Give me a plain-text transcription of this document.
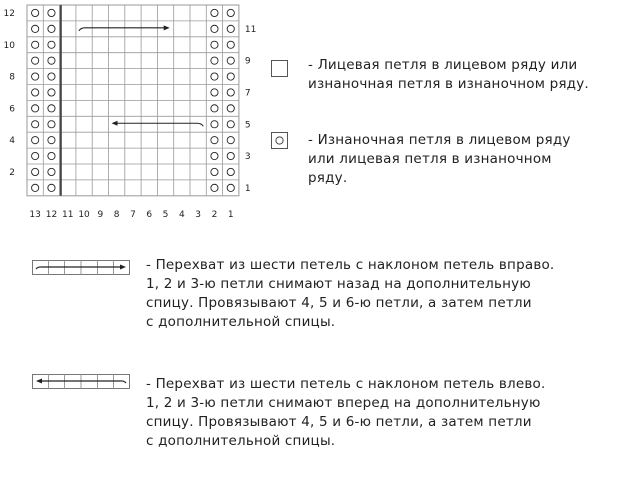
13 12 11 10 9 8 7 6 5 4 3 2 1
12
10
8
6
4
2
11
9
7
5
3
1
- Лицевая петля в лицевом ряду или
изнаночная петля в изнаночном ряду.
- Изнаночная петля в лицевом ряду
или лицевая петля в изнаночном
ряду.
- Перехват из шести петель с наклоном петель вправо.
1, 2 и 3-ю петли снимают назад на дополнительную
спицу. Провязывают 4, 5 и 6-ю петли, а затем петли
с дополнительной спицы.
- Перехват из шести петель с наклоном петель влево.
1, 2 и 3-ю петли снимают вперед на дополнительную
спицу. Провязывают 4, 5 и 6-ю петли, а затем петли
с дополнительной спицы.
